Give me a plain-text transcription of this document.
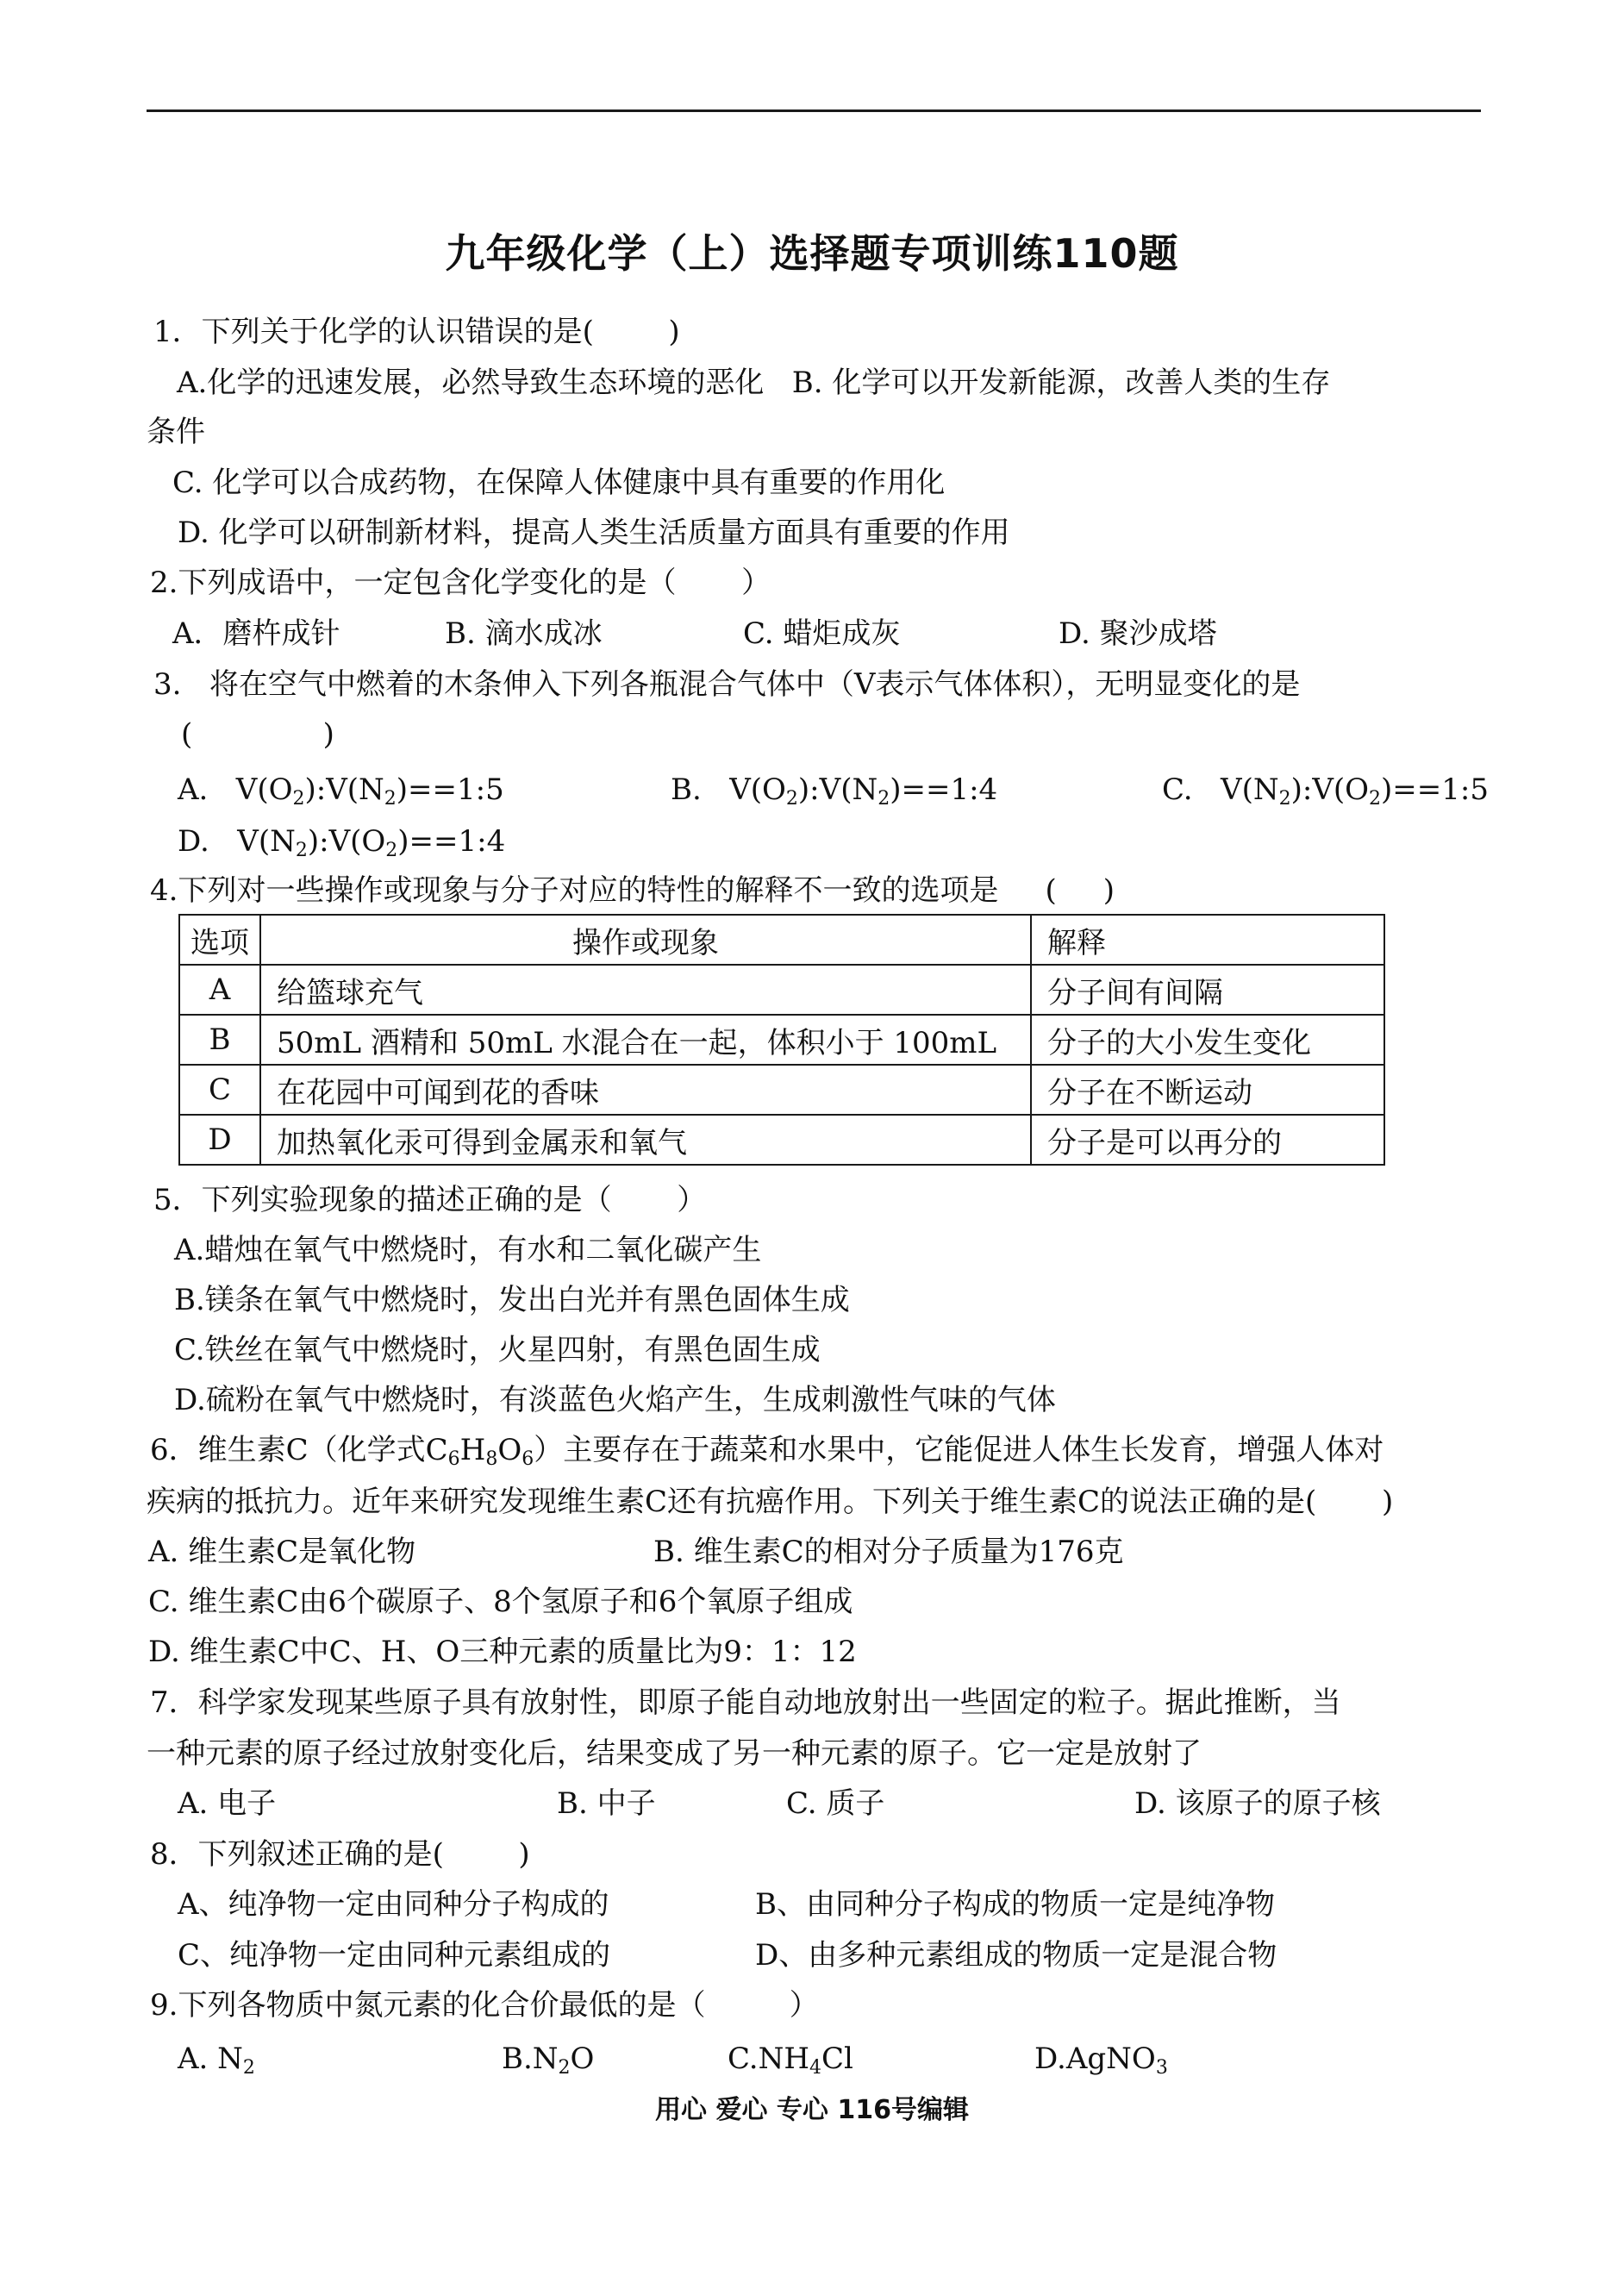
九年级化学（上）选择题专项训练110题
1．下列关于化学的认识错误的是(        )
A.化学的迅速发展，必然导致生态环境的恶化   B. 化学可以开发新能源，改善人类的生存
条件
C. 化学可以合成药物，在保障人体健康中具有重要的作用化
D. 化学可以研制新材料，提高人类生活质量方面具有重要的作用
2.下列成语中，一定包含化学变化的是（       ）
A．磨杵成针	B. 滴水成冰	C. 蜡炬成灰	D. 聚沙成塔
3.   将在空气中燃着的木条伸入下列各瓶混合气体中（V表示气体体积），无明显变化的是
(              )
A.   $V(O_2):V(N_2)==1:5$	B.   $V(O_2):V(N_2)==1:4$	C.   $V(N_2):V(O_2)==1:5$
D.   $V(N_2):V(O_2)==1:4$
4.下列对一些操作或现象与分子对应的特性的解释不一致的选项是     (     )
选项	操作或现象	解释
A	给篮球充气	分子间有间隔
B	50mL 酒精和 50mL 水混合在一起，体积小于 100mL	分子的大小发生变化
C	在花园中可闻到花的香味	分子在不断运动
D	加热氧化汞可得到金属汞和氧气	分子是可以再分的
5．下列实验现象的描述正确的是（       ）
A.蜡烛在氧气中燃烧时，有水和二氧化碳产生
B.镁条在氧气中燃烧时，发出白光并有黑色固体生成
C.铁丝在氧气中燃烧时，火星四射，有黑色固生成
D.硫粉在氧气中燃烧时，有淡蓝色火焰产生，生成刺激性气味的气体
6．维生素C（化学式$C_6H_8O_6$）主要存在于蔬菜和水果中，它能促进人体生长发育，增强人体对
疾病的抵抗力。近年来研究发现维生素C还有抗癌作用。下列关于维生素C的说法正确的是(       )
A. 维生素C是氧化物	B. 维生素C的相对分子质量为176克
C. 维生素C由6个碳原子、8个氢原子和6个氧原子组成
D. 维生素C中C、H、O三种元素的质量比为9：1：12
7．科学家发现某些原子具有放射性，即原子能自动地放射出一些固定的粒子。据此推断，当
一种元素的原子经过放射变化后，结果变成了另一种元素的原子。它一定是放射了
A. 电子	B. 中子	C. 质子	D. 该原子的原子核
8．下列叙述正确的是(        )
A、纯净物一定由同种分子构成的	B、由同种分子构成的物质一定是纯净物
C、纯净物一定由同种元素组成的	D、由多种元素组成的物质一定是混合物
9.下列各物质中氮元素的化合价最低的是（         ）
A. $N_2$	$B.N_2O$	$C.NH_4Cl$	D.AgNO$_3$
用心 爱心 专心 116号编辑
